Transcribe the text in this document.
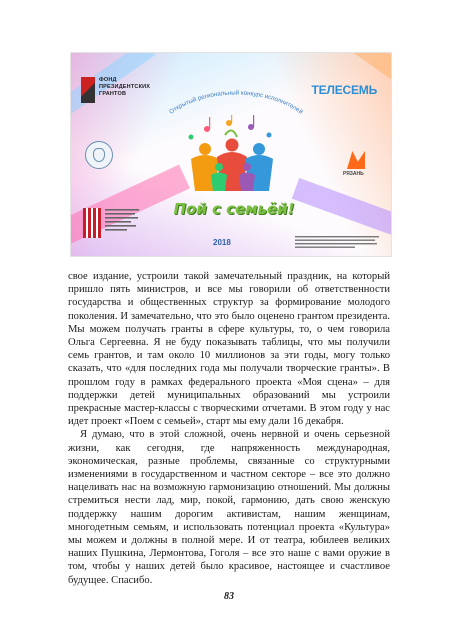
ФОНД ПРЕЗИДЕНТСКИХ ГРАНТОВ	ТЕЛЕСЕМЬ
РЯЗАНЬ
Открытый региональный конкурс исполнителей
Пой с семьёй!
2018

свое издание, устроили такой замечательный праздник, на который пришло пять министров, и все мы говорили об ответственности государства и общественных структур за формирование молодого поколения. И замечательно, что это было оценено грантом президента. Мы можем получать гранты в сфере культуры, то, о чем говорила Ольга Сергеевна. Я не буду показывать таблицы, что мы получили семь грантов, и там около 10 миллионов за эти годы, могу только сказать, что «для последних года мы получали творческие гранты». В прошлом году в рамках федерального проекта «Моя сцена» – для поддержки детей муниципальных образований мы устроили прекрасные мастер-классы с творческими отчетами. В этом году у нас идет проект «Поем с семьей», старт мы ему дали 16 декабря.

Я думаю, что в этой сложной, очень нервной и очень серьезной жизни, как сегодня, где напряженность международная, экономическая, разные проблемы, связанные со структурными изменениями в государственном и частном секторе – все это должно нацеливать нас на возможную гармонизацию отношений. Мы должны стремиться нести лад, мир, покой, гармонию, дать свою женскую поддержку нашим дорогим активистам, нашим женщинам, многодетным семьям, и использовать потенциал проекта «Культура» мы можем и должны в полной мере. И от театра, юбилеев великих наших Пушкина, Лермонтова, Гоголя – все это наше с вами оружие в том, чтобы у наших детей было красивое, настоящее и счастливое будущее. Спасибо.

83
